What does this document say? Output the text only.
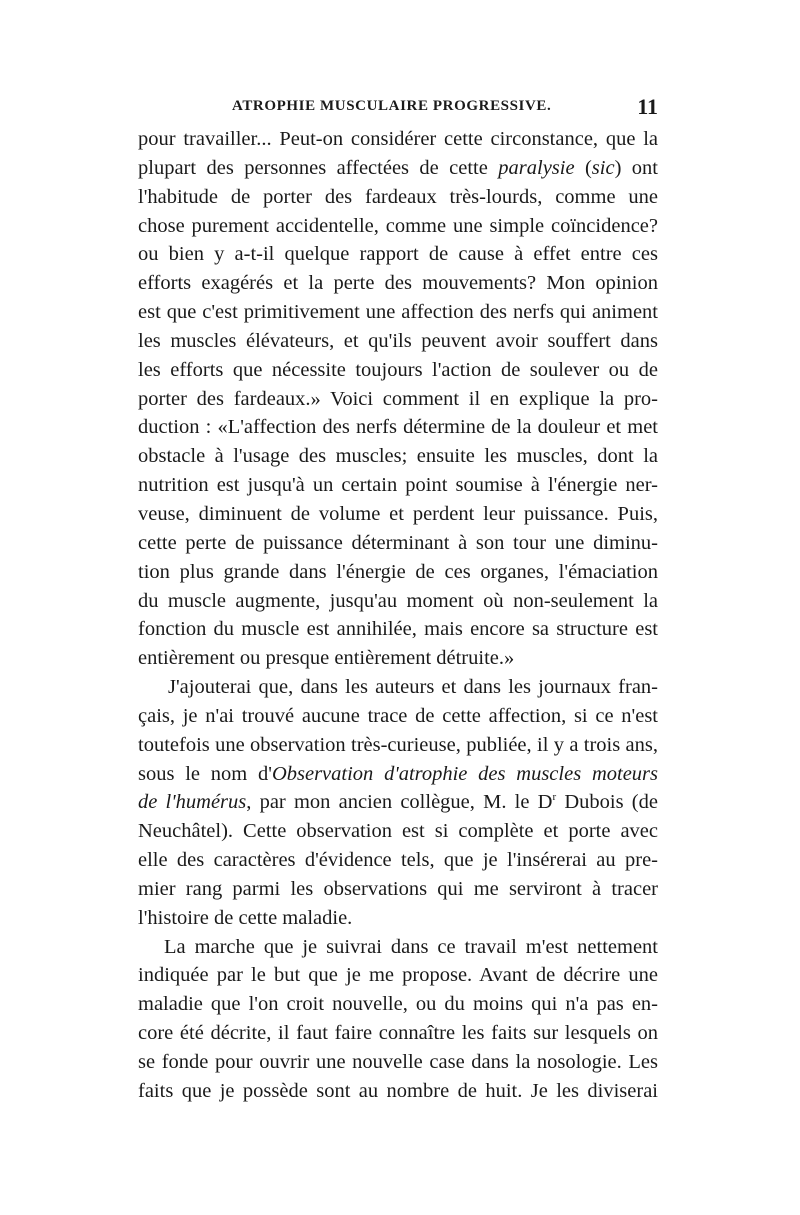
ATROPHIE MUSCULAIRE PROGRESSIVE.	11
pour travailler... Peut-on considérer cette circonstance, que la
plupart des personnes affectées de cette paralysie (sic) ont
l'habitude de porter des fardeaux très-lourds, comme une
chose purement accidentelle, comme une simple coïncidence?
ou bien y a-t-il quelque rapport de cause à effet entre ces
efforts exagérés et la perte des mouvements? Mon opinion
est que c'est primitivement une affection des nerfs qui animent
les muscles élévateurs, et qu'ils peuvent avoir souffert dans
les efforts que nécessite toujours l'action de soulever ou de
porter des fardeaux.» Voici comment il en explique la pro-
duction : «L'affection des nerfs détermine de la douleur et met
obstacle à l'usage des muscles; ensuite les muscles, dont la
nutrition est jusqu'à un certain point soumise à l'énergie ner-
veuse, diminuent de volume et perdent leur puissance. Puis,
cette perte de puissance déterminant à son tour une diminu-
tion plus grande dans l'énergie de ces organes, l'émaciation
du muscle augmente, jusqu'au moment où non-seulement la
fonction du muscle est annihilée, mais encore sa structure est
entièrement ou presque entièrement détruite.»
J'ajouterai que, dans les auteurs et dans les journaux fran-
çais, je n'ai trouvé aucune trace de cette affection, si ce n'est
toutefois une observation très-curieuse, publiée, il y a trois ans,
sous le nom d'Observation d'atrophie des muscles moteurs
de l'humérus, par mon ancien collègue, M. le $D^r$ Dubois (de
Neuchâtel). Cette observation est si complète et porte avec
elle des caractères d'évidence tels, que je l'insérerai au pre-
mier rang parmi les observations qui me serviront à tracer
l'histoire de cette maladie.
La marche que je suivrai dans ce travail m'est nettement
indiquée par le but que je me propose. Avant de décrire une
maladie que l'on croit nouvelle, ou du moins qui n'a pas en-
core été décrite, il faut faire connaître les faits sur lesquels on
se fonde pour ouvrir une nouvelle case dans la nosologie. Les
faits que je possède sont au nombre de huit. Je les diviserai
